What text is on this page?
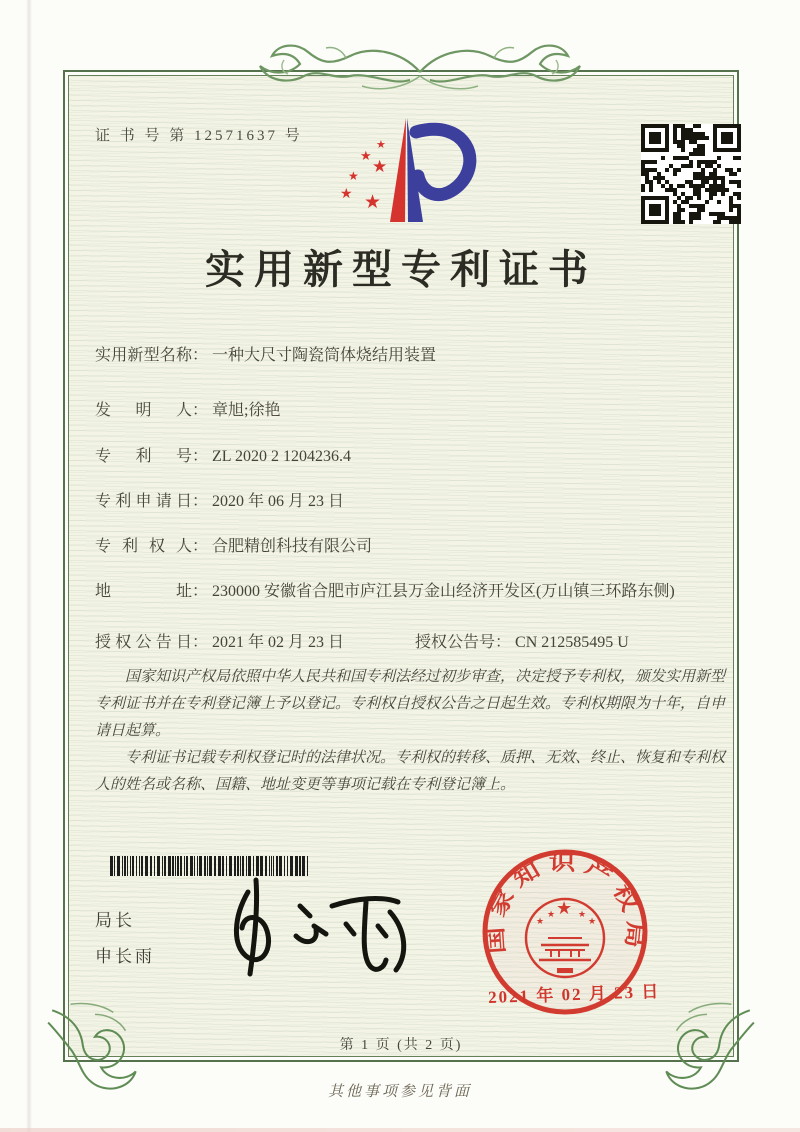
证 书 号 第 12571637 号
★
★
★
★
★ ★
实用新型专利证书
实用新型名称： 一种大尺寸陶瓷筒体烧结用装置
发明人： 章旭;徐艳
专利号： ZL 2020 2 1204236.4
专利申请日： 2020 年 06 月 23 日
专利权人： 合肥精创科技有限公司
地址： 230000 安徽省合肥市庐江县万金山经济开发区(万山镇三环路东侧)
授权公告日： 2021 年 02 月 23 日	授权公告号： CN 212585495 U

国家知识产权局依照中华人民共和国专利法经过初步审查，决定授予专利权，颁发实用新型专利证书并在专利登记簿上予以登记。专利权自授权公告之日起生效。专利权期限为十年，自申请日起算。

专利证书记载专利权登记时的法律状况。专利权的转移、质押、无效、终止、恢复和专利权人的姓名或名称、国籍、地址变更等事项记载在专利登记簿上。

局长
申长雨
国家知识产权局
★
★
★	★
★
2021 年 02 月 23 日
第 1 页 (共 2 页)
其他事项参见背面
